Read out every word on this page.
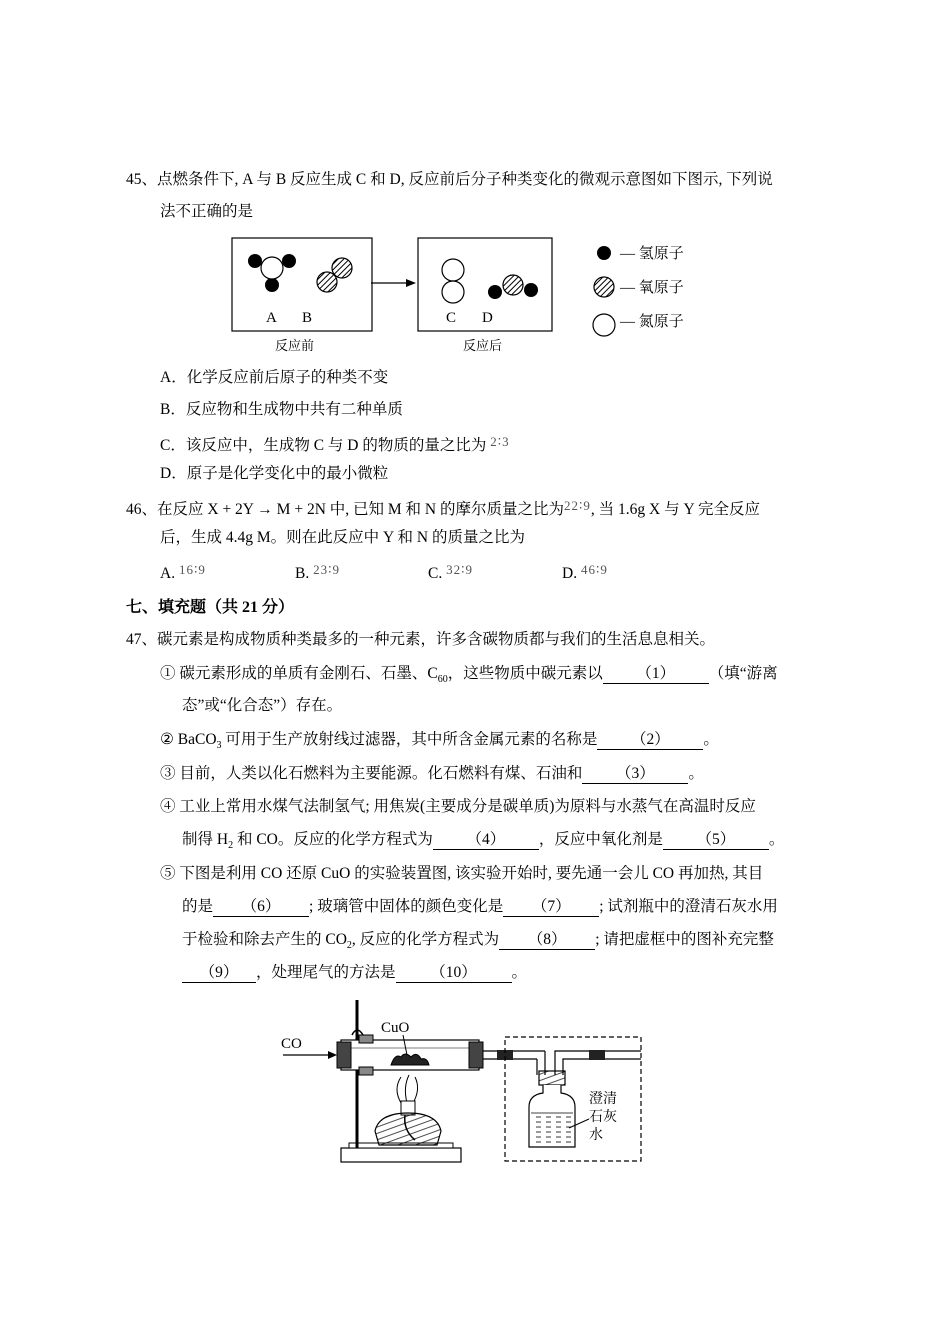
45、点燃条件下, A 与 B 反应生成 C 和 D, 反应前后分子种类变化的微观示意图如下图示, 下列说
法不正确的是
A B
反应前
C D
反应后
— 氢原子
— 氧原子
— 氮原子
A．化学反应前后原子的种类不变
B．反应物和生成物中共有二种单质
C．该反应中，生成物 C 与 D 的物质的量之比为 $^{2∶3}$
D．原子是化学变化中的最小微粒
46、在反应 X + 2Y → M + 2N 中, 已知 M 和 N 的摩尔质量之比为$^{22∶9}$, 当 1.6g X 与 Y 完全反应
后，生成 4.4g M。则在此反应中 Y 和 N 的质量之比为
A. $^{16∶9}$	B. $^{23∶9}$	C. $^{32∶9}$	D. $^{46∶9}$
七、填充题（共 21 分）
47、碳元素是构成物质种类最多的一种元素，许多含碳物质都与我们的生活息息相关。
① 碳元素形成的单质有金刚石、石墨、$C_{60}$，这些物质中碳元素以 （1） （填“游离
态”或“化合态”）存在。
② BaCO$_3$ 可用于生产放射线过滤器，其中所含金属元素的名称是 （2） 。
③ 目前，人类以化石燃料为主要能源。化石燃料有煤、石油和 （3） 。
④ 工业上常用水煤气法制氢气; 用焦炭(主要成分是碳单质)为原料与水蒸气在高温时反应
制得 $H_2$ 和 CO。反应的化学方程式为 （4） ，反应中氧化剂是 （5） 。
⑤ 下图是利用 CO 还原 CuO 的实验装置图, 该实验开始时, 要先通一会儿 CO 再加热, 其目
的是 （6） ; 玻璃管中固体的颜色变化是 （7） ; 试剂瓶中的澄清石灰水用
于检验和除去产生的 $CO_2$, 反应的化学方程式为 （8） ; 请把虚框中的图补充完整
（9） ，处理尾气的方法是 （10） 。
CO
CuO
澄清
石灰
水
